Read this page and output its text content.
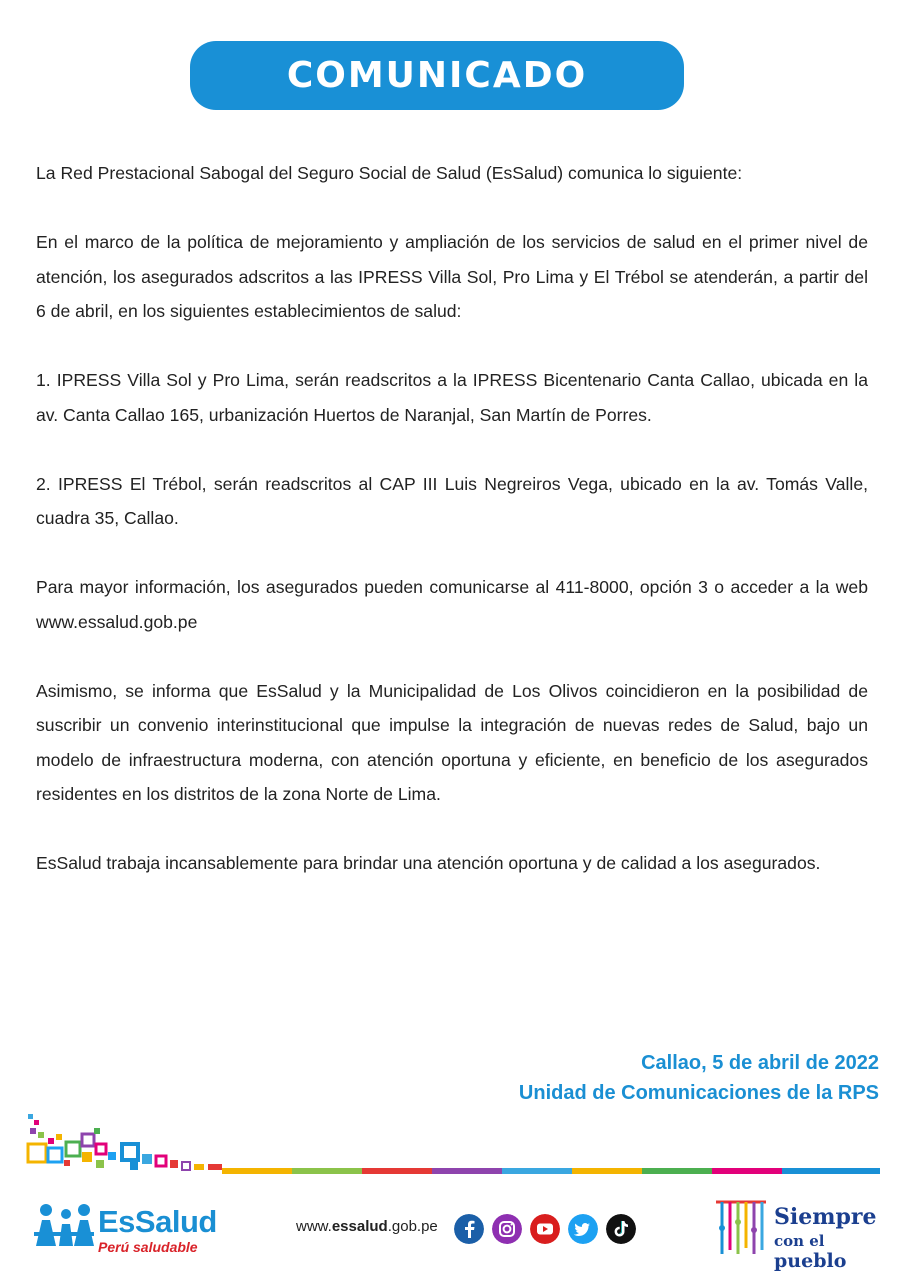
COMUNICADO

La Red Prestacional Sabogal del Seguro Social de Salud (EsSalud) comunica lo siguiente:

En el marco de la política de mejoramiento y ampliación de los servicios de salud en el primer nivel de atención, los asegurados adscritos a las IPRESS Villa Sol, Pro Lima y El Trébol se atenderán, a partir del 6 de abril, en los siguientes establecimientos de salud:

1. IPRESS Villa Sol y Pro Lima, serán readscritos a la IPRESS Bicentenario Canta Callao, ubicada en la av. Canta Callao 165, urbanización Huertos de Naranjal, San Martín de Porres.

2. IPRESS El Trébol, serán readscritos al CAP III Luis Negreiros Vega, ubicado en la av. Tomás Valle, cuadra 35, Callao.

Para mayor información, los asegurados pueden comunicarse al 411-8000, opción 3 o acceder a la web www.essalud.gob.pe

Asimismo, se informa que EsSalud y la Municipalidad de Los Olivos coincidieron en la posibilidad de suscribir un convenio interinstitucional que impulse la integración de nuevas redes de Salud, bajo un modelo de infraestructura moderna, con atención oportuna y eficiente, en beneficio de los asegurados residentes en los distritos de la zona Norte de Lima.

EsSalud trabaja incansablemente para brindar una atención oportuna y de calidad a los asegurados.

Callao, 5 de abril de 2022
Unidad de Comunicaciones de la RPS
EsSalud
Perú saludable
www.essalud.gob.pe	Siempre
con el pueblo
